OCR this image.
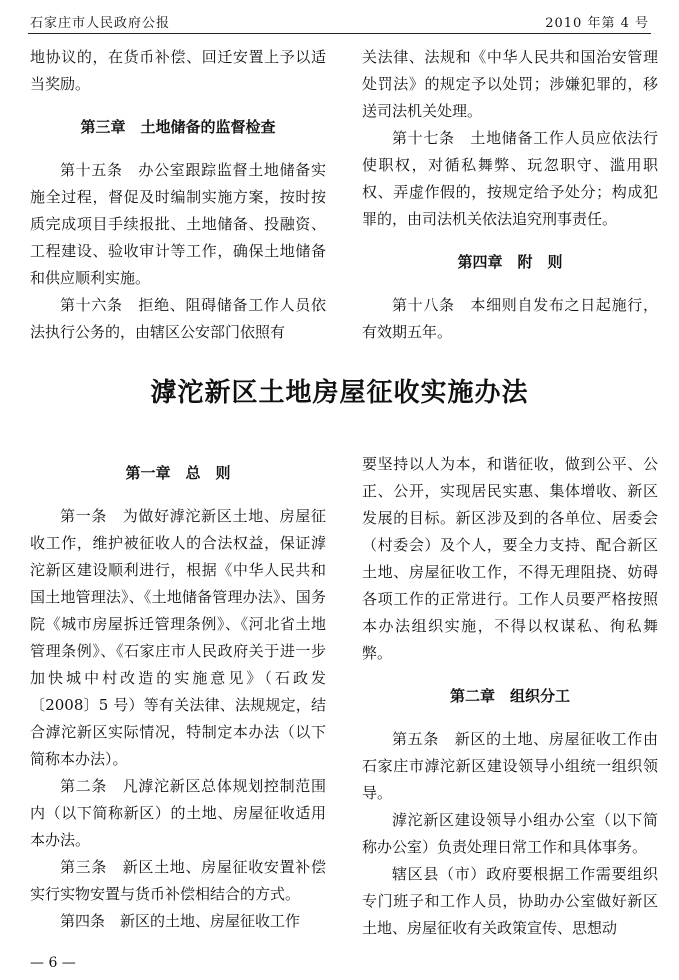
石家庄市人民政府公报	2010 年第 4 号

地协议的，在货币补偿、回迁安置上予以适当奖励。

第三章　土地储备的监督检查

第十五条　办公室跟踪监督土地储备实施全过程，督促及时编制实施方案，按时按质完成项目手续报批、土地储备、投融资、工程建设、验收审计等工作，确保土地储备和供应顺利实施。

第十六条　拒绝、阻碍储备工作人员依法执行公务的，由辖区公安部门依照有

关法律、法规和《中华人民共和国治安管理处罚法》的规定予以处罚；涉嫌犯罪的，移送司法机关处理。

第十七条　土地储备工作人员应依法行使职权，对循私舞弊、玩忽职守、滥用职权、弄虚作假的，按规定给予处分；构成犯罪的，由司法机关依法追究刑事责任。

第四章　附　则

第十八条　本细则自发布之日起施行，有效期五年。

滹沱新区土地房屋征收实施办法
第一章　总　则

第一条　为做好滹沱新区土地、房屋征收工作，维护被征收人的合法权益，保证滹沱新区建设顺利进行，根据《中华人民共和国土地管理法》、《土地储备管理办法》、国务院《城市房屋拆迁管理条例》、《河北省土地管理条例》、《石家庄市人民政府关于进一步加快城中村改造的实施意见》（石政发〔2008〕5 号）等有关法律、法规规定，结合滹沱新区实际情况，特制定本办法（以下简称本办法）。

第二条　凡滹沱新区总体规划控制范围内（以下简称新区）的土地、房屋征收适用本办法。

第三条　新区土地、房屋征收安置补偿实行实物安置与货币补偿相结合的方式。

第四条　新区的土地、房屋征收工作

要坚持以人为本，和谐征收，做到公平、公正、公开，实现居民实惠、集体增收、新区发展的目标。新区涉及到的各单位、居委会（村委会）及个人，要全力支持、配合新区土地、房屋征收工作，不得无理阻挠、妨碍各项工作的正常进行。工作人员要严格按照本办法组织实施，不得以权谋私、徇私舞弊。

第二章　组织分工

第五条　新区的土地、房屋征收工作由石家庄市滹沱新区建设领导小组统一组织领导。

滹沱新区建设领导小组办公室（以下简称办公室）负责处理日常工作和具体事务。

辖区县（市）政府要根据工作需要组织专门班子和工作人员，协助办公室做好新区土地、房屋征收有关政策宣传、思想动

— 6 —
